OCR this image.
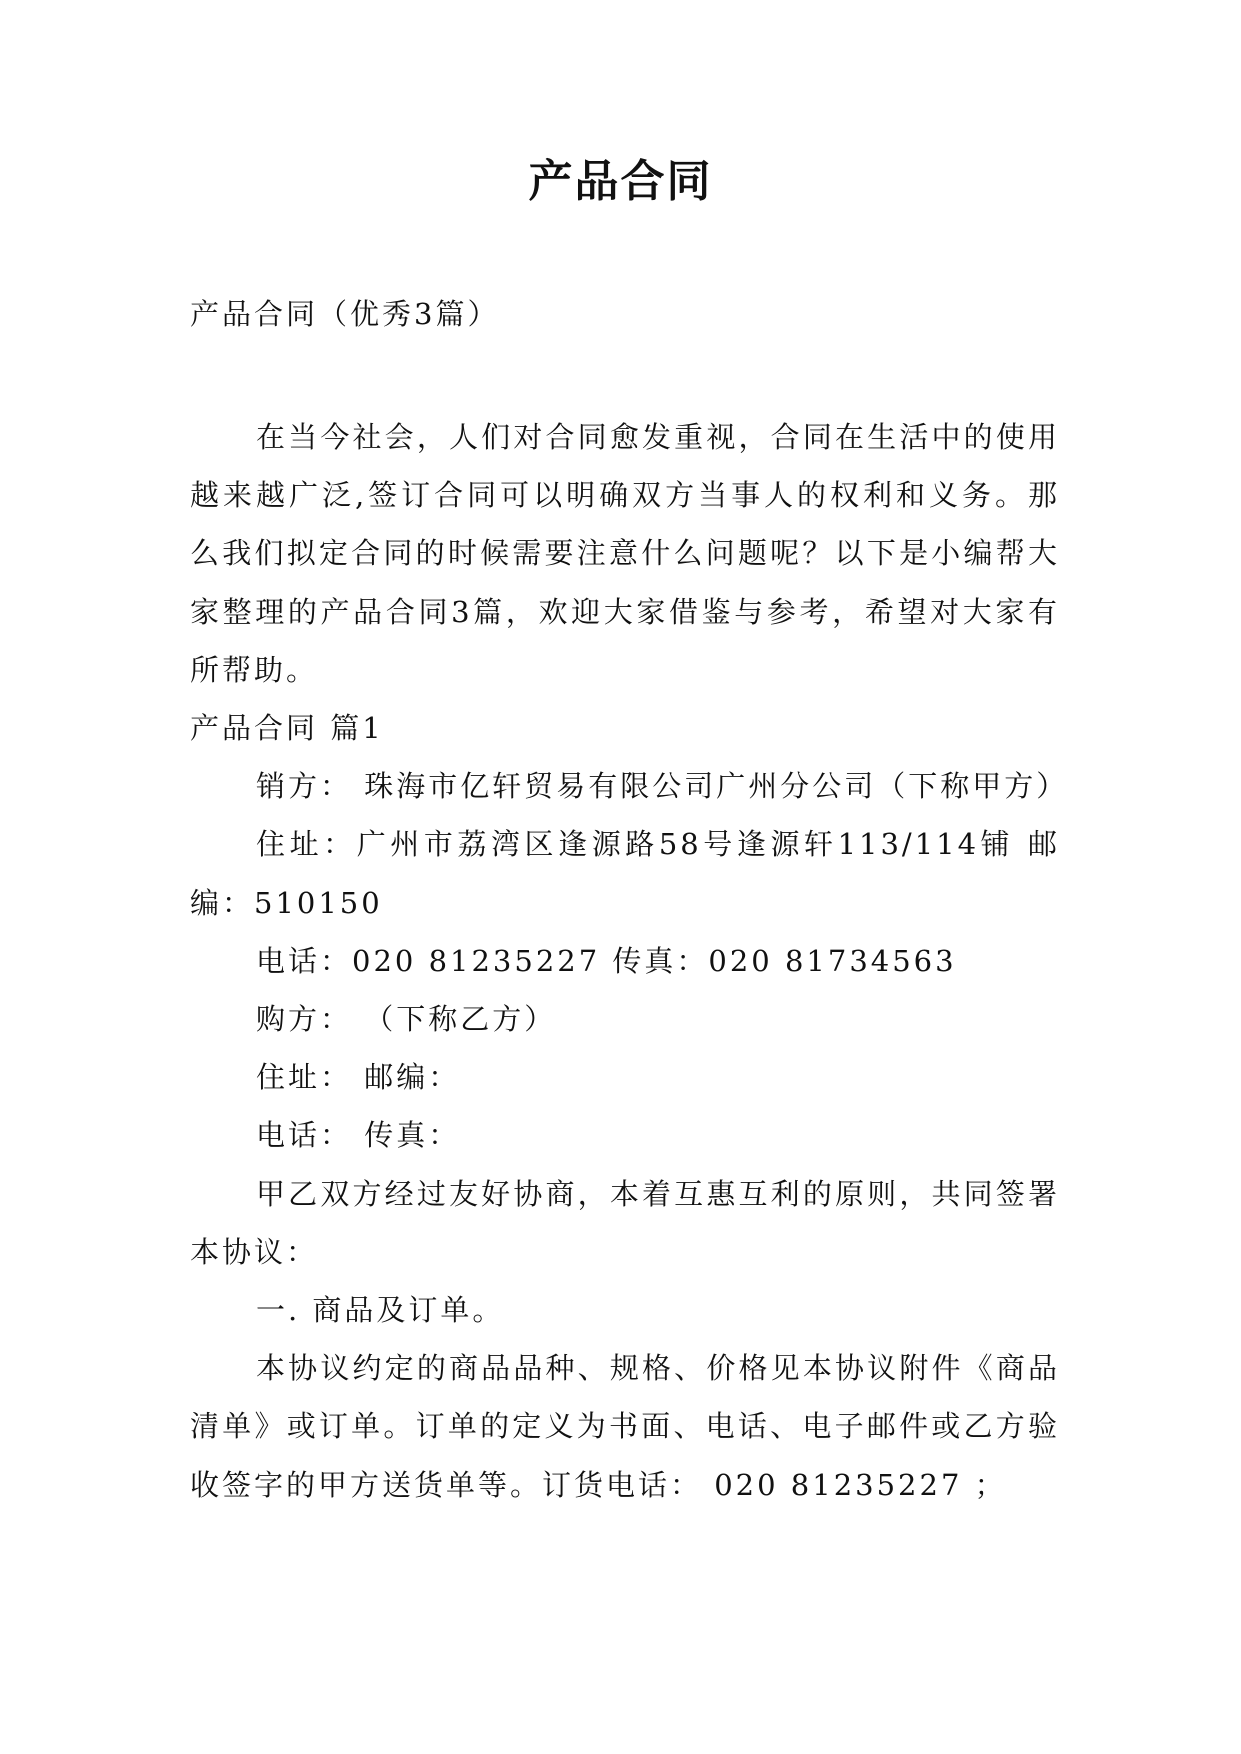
产品合同
产品合同（优秀3篇）

在当今社会，人们对合同愈发重视，合同在生活中的使用越来越广泛,签订合同可以明确双方当事人的权利和义务。那么我们拟定合同的时候需要注意什么问题呢？以下是小编帮大家整理的产品合同3篇，欢迎大家借鉴与参考，希望对大家有所帮助。

产品合同 篇1

销方： 珠海市亿轩贸易有限公司广州分公司（下称甲方）

住址：广州市荔湾区逢源路58号逢源轩113/114铺 邮编：510150

电话：020 81235227 传真：020 81734563

购方： （下称乙方）

住址： 邮编：

电话： 传真：

甲乙双方经过友好协商，本着互惠互利的原则，共同签署本协议：

一. 商品及订单。

本协议约定的商品品种、规格、价格见本协议附件《商品清单》或订单。订单的定义为书面、电话、电子邮件或乙方验收签字的甲方送货单等。订货电话： 020 81235227 ；
